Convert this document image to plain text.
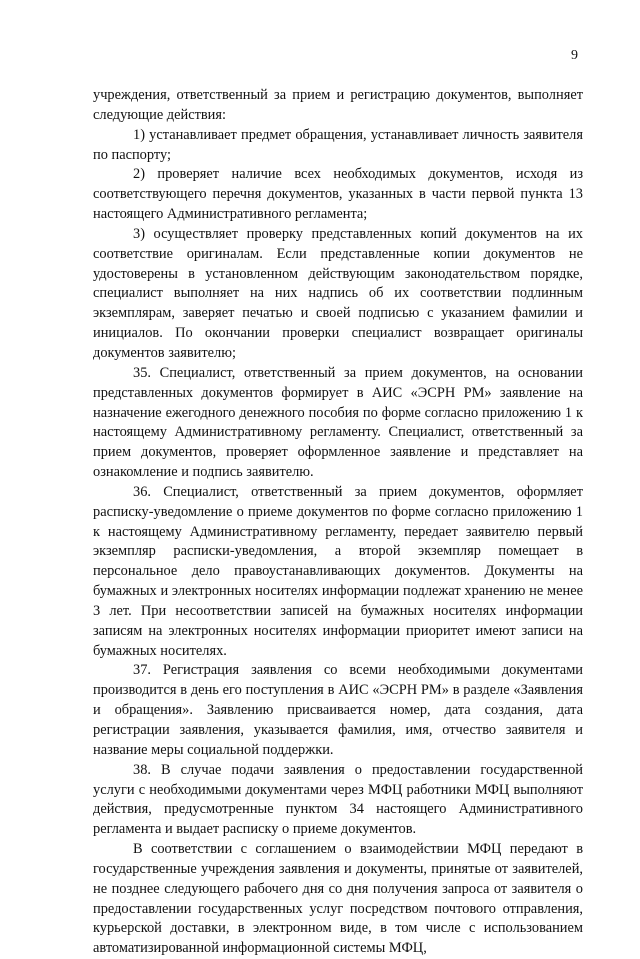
9

учреждения, ответственный за прием и регистрацию документов, выполняет следующие действия:

1) устанавливает предмет обращения, устанавливает личность заявителя по паспорту;

2) проверяет наличие всех необходимых документов, исходя из соответствующего перечня документов, указанных в части первой пункта 13 настоящего Административного регламента;

3) осуществляет проверку представленных копий документов на их соответствие оригиналам. Если представленные копии документов не удостоверены в установленном действующим законодательством порядке, специалист выполняет на них надпись об их соответствии подлинным экземплярам, заверяет печатью и своей подписью с указанием фамилии и инициалов. По окончании проверки специалист возвращает оригиналы документов заявителю;

35. Специалист, ответственный за прием документов, на основании представленных документов формирует в АИС «ЭСРН РМ» заявление на назначение ежегодного денежного пособия по форме согласно приложению 1 к настоящему Административному регламенту. Специалист, ответственный за прием документов, проверяет оформленное заявление и представляет на ознакомление и подпись заявителю.

36. Специалист, ответственный за прием документов, оформляет расписку-уведомление о приеме документов по форме согласно приложению 1 к настоящему Административному регламенту, передает заявителю первый экземпляр расписки-уведомления, а второй экземпляр помещает в персональное дело правоустанавливающих документов. Документы на бумажных и электронных носителях информации подлежат хранению не менее 3 лет. При несоответствии записей на бумажных носителях информации записям на электронных носителях информации приоритет имеют записи на бумажных носителях.

37. Регистрация заявления со всеми необходимыми документами производится в день его поступления в АИС «ЭСРН РМ» в разделе «Заявления и обращения». Заявлению присваивается номер, дата создания, дата регистрации заявления, указывается фамилия, имя, отчество заявителя и название меры социальной поддержки.

38. В случае подачи заявления о предоставлении государственной услуги с необходимыми документами через МФЦ работники МФЦ выполняют действия, предусмотренные пунктом 34 настоящего Административного регламента и выдает расписку о приеме документов.

В соответствии с соглашением о взаимодействии МФЦ передают в государственные учреждения заявления и документы, принятые от заявителей, не позднее следующего рабочего дня со дня получения запроса от заявителя о предоставлении государственных услуг посредством почтового отправления, курьерской доставки, в электронном виде, в том числе с использованием автоматизированной информационной системы МФЦ,
